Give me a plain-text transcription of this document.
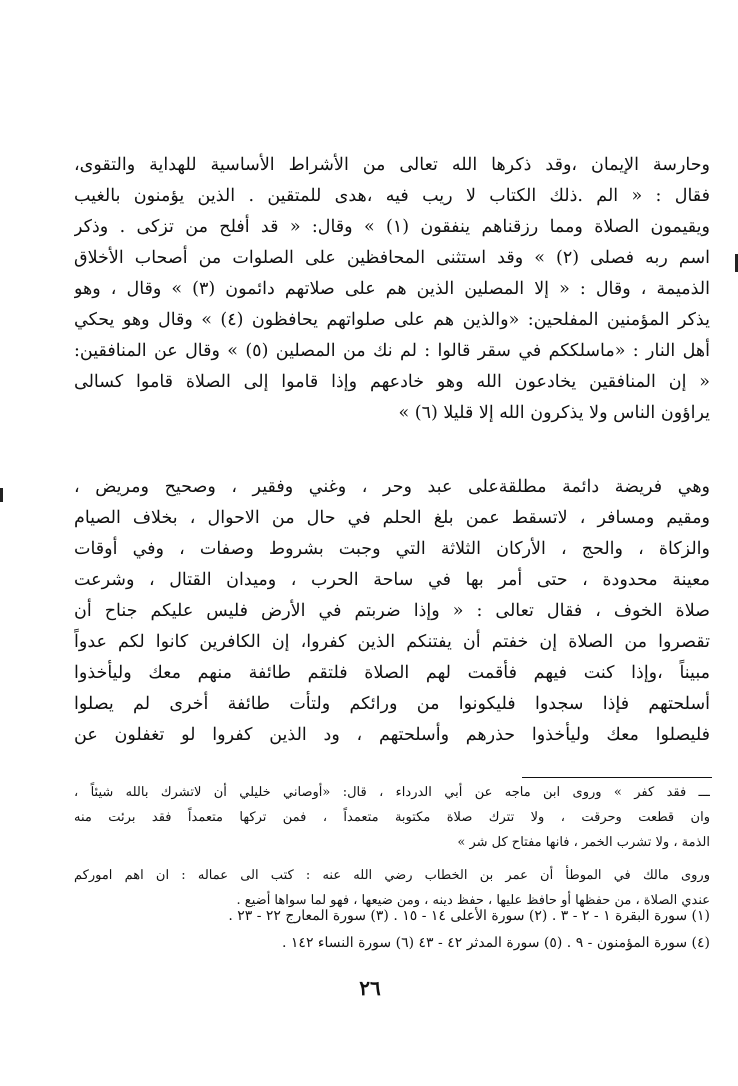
وحارسة الإيمان ،وقد ذكرها الله تعالى من الأشراط الأساسية للهداية والتقوى،
فقال : « الم .ذلك الكتاب لا ريب فيه ،هدى للمتقين . الذين يؤمنون بالغيب
ويقيمون الصلاة ومما رزقناهم ينفقون (١) » وقال: « قد أفلح من تزكى . وذكر
اسم ربه فصلى (٢) » وقد استثنى المحافظين على الصلوات من أصحاب الأخلاق
الذميمة ، وقال : « إلا المصلين الذين هم على صلاتهم دائمون (٣) » وقال ، وهو
يذكر المؤمنين المفلحين: «والذين هم على صلواتهم يحافظون (٤) » وقال وهو يحكي
أهل النار : «ماسلككم في سقر قالوا : لم نك من المصلين (٥) » وقال عن المنافقين:
« إن المنافقين يخادعون الله وهو خادعهم وإذا قاموا إلى الصلاة قاموا كسالى
يراؤون الناس ولا يذكرون الله إلا قليلا (٦) »
وهي فريضة دائمة مطلقةعلى عبد وحر ، وغني وفقير ، وصحيح ومريض ،
ومقيم ومسافر ، لاتسقط عمن بلغ الحلم في حال من الاحوال ، بخلاف الصيام
والزكاة ، والحج ، الأركان الثلاثة التي وجبت بشروط وصفات ، وفي أوقات
معينة محدودة ، حتى أمر بها في ساحة الحرب ، وميدان القتال ، وشرعت
صلاة الخوف ، فقال تعالى : « وإذا ضربتم في الأرض فليس عليكم جناح أن
تقصروا من الصلاة إن خفتم أن يفتنكم الذين كفروا، إن الكافرين كانوا لكم عدواً
مبيناً ،وإذا كنت فيهم فأقمت لهم الصلاة فلتقم طائفة منهم معك وليأخذوا
أسلحتهم فإذا سجدوا فليكونوا من ورائكم ولتأت طائفة أخرى لم يصلوا
فليصلوا معك وليأخذوا حذرهم وأسلحتهم ، ود الذين كفروا لو تغفلون عن
ـــ فقد كفر » وروى ابن ماجه عن أبي الدرداء ، قال: «أوصاني خليلي أن لاتشرك بالله شيئاً ،
وان قطعت وحرقت ، ولا تترك صلاة مكتوبة متعمداً ، فمن تركها متعمداً فقد برئت منه
الذمة ، ولا تشرب الخمر ، فانها مفتاح كل شر »
وروى مالك في الموطأ أن عمر بن الخطاب رضي الله عنه : كتب الى عماله : ان اهم اموركم
عندي الصلاة ، من حفظها أو حافظ عليها ، حفظ دينه ، ومن ضيعها ، فهو لما سواها أضيع .
(١) سورة البقرة ١ - ٢ - ٣ . (٢) سورة الأعلى ١٤ - ١٥ . (٣) سورة المعارج ٢٢ - ٢٣ .
(٤) سورة المؤمنون - ٩ . (٥) سورة المدثر ٤٢ - ٤٣ (٦) سورة النساء ١٤٢ .
٢٦
